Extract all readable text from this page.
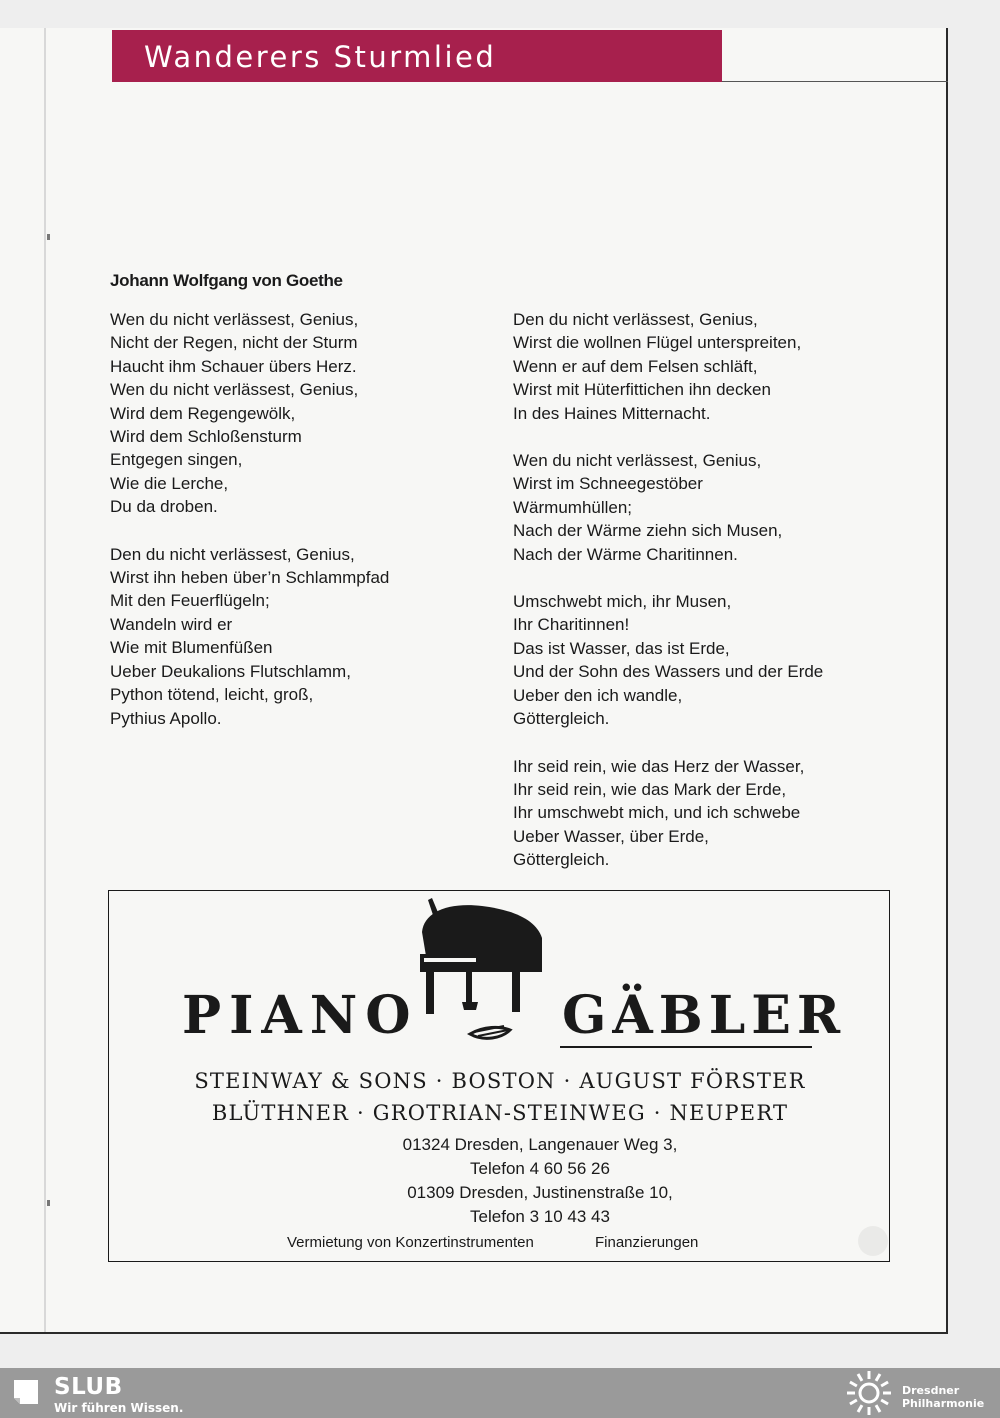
Wanderers Sturmlied
Johann Wolfgang von Goethe
Wen du nicht verlässest, Genius,
Nicht der Regen, nicht der Sturm
Haucht ihm Schauer übers Herz.
Wen du nicht verlässest, Genius,
Wird dem Regengewölk,
Wird dem Schloßensturm
Entgegen singen,
Wie die Lerche,
Du da droben.
Den du nicht verlässest, Genius,
Wirst ihn heben über’n Schlammpfad
Mit den Feuerflügeln;
Wandeln wird er
Wie mit Blumenfüßen
Ueber Deukalions Flutschlamm,
Python tötend, leicht, groß,
Pythius Apollo.
Den du nicht verlässest, Genius,
Wirst die wollnen Flügel unterspreiten,
Wenn er auf dem Felsen schläft,
Wirst mit Hüterfittichen ihn decken
In des Haines Mitternacht.
Wen du nicht verlässest, Genius,
Wirst im Schneegestöber
Wärmumhüllen;
Nach der Wärme ziehn sich Musen,
Nach der Wärme Charitinnen.
Umschwebt mich, ihr Musen,
Ihr Charitinnen!
Das ist Wasser, das ist Erde,
Und der Sohn des Wassers und der Erde
Ueber den ich wandle,
Göttergleich.
Ihr seid rein, wie das Herz der Wasser,
Ihr seid rein, wie das Mark der Erde,
Ihr umschwebt mich, und ich schwebe
Ueber Wasser, über Erde,
Göttergleich.
STEINWAY & SONS · BOSTON · AUGUST FÖRSTER
BLÜTHNER · GROTRIAN-STEINWEG · NEUPERT
01324 Dresden, Langenauer Weg 3,
Telefon 4 60 56 26
01309 Dresden, Justinenstraße 10,
Telefon 3 10 43 43
Vermietung von Konzertinstrumenten	Finanzierungen
PIANO	GÄBLER
SLUB
Wir führen Wissen.
Dresdner
Philharmonie
